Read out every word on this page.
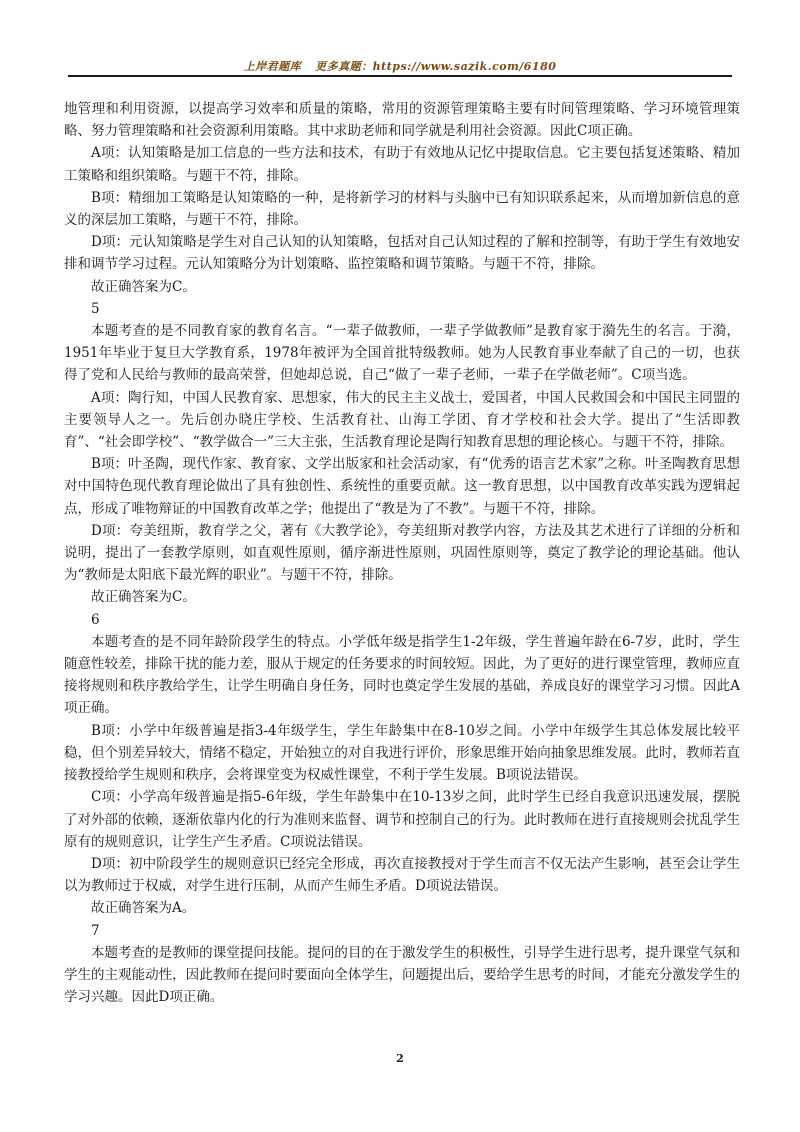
上岸君题库 更多真题：https://www.sazik.com/6180

地管理和利用资源，以提高学习效率和质量的策略，常用的资源管理策略主要有时间管理策略、学习环境管理策略、努力管理策略和社会资源利用策略。其中求助老师和同学就是利用社会资源。因此C项正确。

A项：认知策略是加工信息的一些方法和技术，有助于有效地从记忆中提取信息。它主要包括复述策略、精加工策略和组织策略。与题干不符，排除。

B项：精细加工策略是认知策略的一种，是将新学习的材料与头脑中已有知识联系起来，从而增加新信息的意义的深层加工策略，与题干不符，排除。

D项：元认知策略是学生对自己认知的认知策略，包括对自己认知过程的了解和控制等，有助于学生有效地安排和调节学习过程。元认知策略分为计划策略、监控策略和调节策略。与题干不符，排除。

故正确答案为C。

5

本题考查的是不同教育家的教育名言。“一辈子做教师，一辈子学做教师”是教育家于漪先生的名言。于漪，1951年毕业于复旦大学教育系，1978年被评为全国首批特级教师。她为人民教育事业奉献了自己的一切，也获得了党和人民给与教师的最高荣誉，但她却总说，自己“做了一辈子老师，一辈子在学做老师”。C项当选。

A项：陶行知，中国人民教育家、思想家，伟大的民主主义战士，爱国者，中国人民救国会和中国民主同盟的主要领导人之一。先后创办晓庄学校、生活教育社、山海工学团、育才学校和社会大学。提出了“生活即教育”、“社会即学校”、“教学做合一”三大主张，生活教育理论是陶行知教育思想的理论核心。与题干不符，排除。

B项：叶圣陶，现代作家、教育家、文学出版家和社会活动家，有“优秀的语言艺术家”之称。叶圣陶教育思想对中国特色现代教育理论做出了具有独创性、系统性的重要贡献。这一教育思想，以中国教育改革实践为逻辑起点，形成了唯物辩证的中国教育改革之学；他提出了“教是为了不教”。与题干不符，排除。

D项：夸美纽斯，教育学之父，著有《大教学论》，夸美纽斯对教学内容，方法及其艺术进行了详细的分析和说明，提出了一套教学原则，如直观性原则，循序渐进性原则，巩固性原则等，奠定了教学论的理论基础。他认为“教师是太阳底下最光辉的职业”。与题干不符，排除。

故正确答案为C。

6

本题考查的是不同年龄阶段学生的特点。小学低年级是指学生1-2年级，学生普遍年龄在6-7岁，此时，学生随意性较差，排除干扰的能力差，服从于规定的任务要求的时间较短。因此，为了更好的进行课堂管理，教师应直接将规则和秩序教给学生，让学生明确自身任务，同时也奠定学生发展的基础，养成良好的课堂学习习惯。因此A项正确。

B项：小学中年级普遍是指3-4年级学生，学生年龄集中在8-10岁之间。小学中年级学生其总体发展比较平稳，但个别差异较大，情绪不稳定，开始独立的对自我进行评价，形象思维开始向抽象思维发展。此时，教师若直接教授给学生规则和秩序，会将课堂变为权威性课堂，不利于学生发展。B项说法错误。

C项：小学高年级普遍是指5-6年级，学生年龄集中在10-13岁之间，此时学生已经自我意识迅速发展，摆脱了对外部的依赖，逐渐依靠内化的行为准则来监督、调节和控制自己的行为。此时教师在进行直接规则会扰乱学生原有的规则意识，让学生产生矛盾。C项说法错误。

D项：初中阶段学生的规则意识已经完全形成，再次直接教授对于学生而言不仅无法产生影响，甚至会让学生以为教师过于权威，对学生进行压制，从而产生师生矛盾。D项说法错误。

故正确答案为A。

7

本题考查的是教师的课堂提问技能。提问的目的在于激发学生的积极性，引导学生进行思考，提升课堂气氛和学生的主观能动性，因此教师在提问时要面向全体学生，问题提出后，要给学生思考的时间，才能充分激发学生的学习兴趣。因此D项正确。

2
